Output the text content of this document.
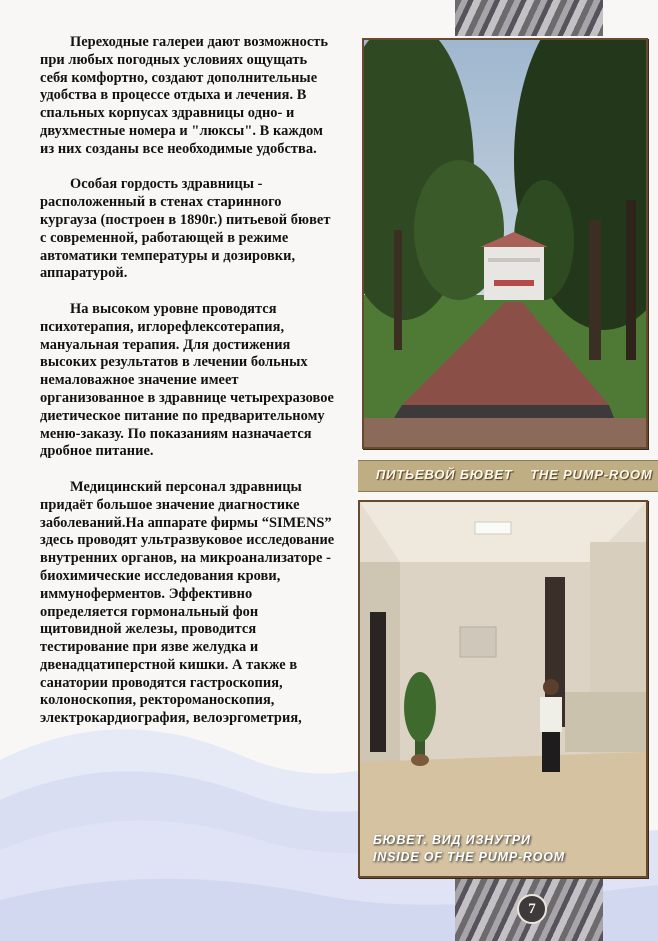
Переходные галереи дают возможность при любых погодных условиях ощущать себя комфортно, создают дополнительные удобства в процессе отдыха и лечения. В спальных корпусах здравницы одно- и двухместные номера и "люксы". В каждом из них созданы все необходимые удобства.

Особая гордость здравницы - расположенный в стенах старинного кургауза (построен в 1890г.) питьевой бювет с современной, работающей в режиме автоматики температуры и дозировки, аппаратурой.

На высоком уровне проводятся психотерапия, иглорефлексотерапия, мануальная терапия. Для достижения высоких результатов в лечении больных немаловажное значение имеет организованное в здравнице четырехразовое диетическое питание по предварительному меню-заказу. По показаниям назначается дробное питание.

Медицинский персонал здравницы придаёт большое значение диагностике заболеваний.На аппарате фирмы “SIMENS” здесь проводят ультразвуковое исследование внутренних органов, на микроанализаторе - биохимические исследования крови, иммуноферментов. Эффективно определяется гормональный фон щитовидной железы, проводится тестирование при язве желудка и двенадцатиперстной кишки. А также в санатории проводятся гастроскопия, колоноскопия, ректороманоскопия, электрокардиография, велоэргометрия,

ПИТЬЕВОЙ БЮВЕТ    THE PUMP-ROOM
БЮВЕТ. ВИД ИЗНУТРИ
INSIDE OF THE PUMP-ROOM
7
